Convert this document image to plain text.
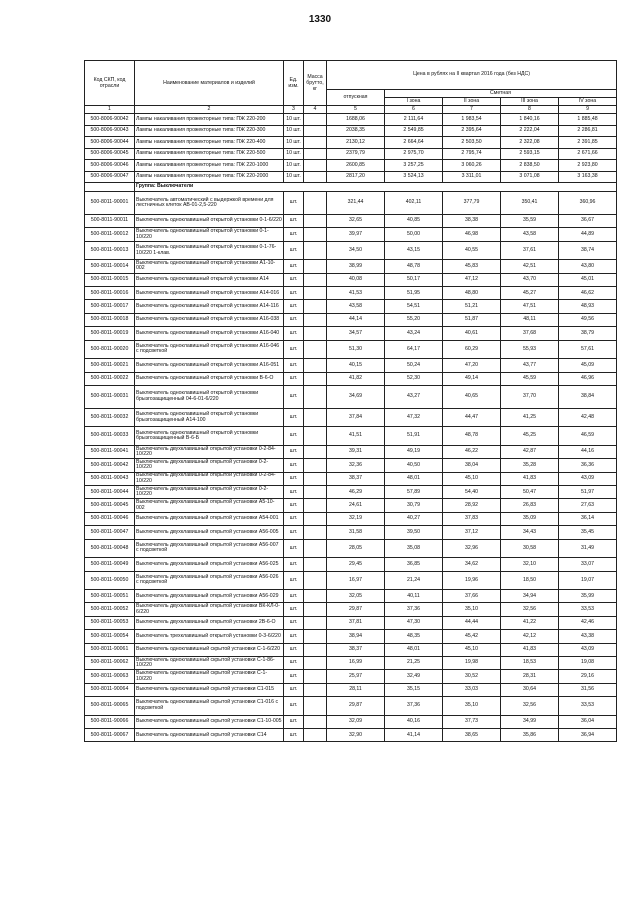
1330
Код СКП, код отрасли	Наименование материалов и изделий	Ед. изм.	Масса брутто, кг	Цена в рублях на II квартал 2016 года (без НДС)				
				отпускная	Сметная			
					I зона	II зона	III зона	IV зона
1	2	3	4	5	6	7	8	9
500-8006-90042	Лампы накаливания прожекторные типа: ПЖ 220-200	10 шт.		1688,06	2 111,64	1 983,54	1 840,16	1 885,48
500-8006-90043	Лампы накаливания прожекторные типа: ПЖ 220-300	10 шт.		2038,35	2 549,85	2 395,64	2 222,04	2 286,81
500-8006-90044	Лампы накаливания прожекторные типа: ПЖ 220-400	10 шт.		2130,12	2 664,64	2 503,50	2 322,08	2 391,85
500-8006-90045	Лампы накаливания прожекторные типа: ПЖ 220-500	10 шт.		2379,79	2 975,70	2 795,74	2 593,15	2 671,66
500-8006-90046	Лампы накаливания прожекторные типа: ПЖ 220-1000	10 шт.		2600,85	3 257,25	3 060,26	2 838,50	2 923,80
500-8006-90047	Лампы накаливания прожекторные типа: ПЖ 220-2000	10 шт.		2817,20	3 524,13	3 311,01	3 071,08	3 163,38
	Группа: Выключатели							
500-8011-90001	Выключатель автоматический с выдержкой времени для лестничных клеток АВ-01-2,5-220	шт.		321,44	402,11	377,79	350,41	360,96
500-8011-90011	Выключатель одноклавишный открытой установки 0-1-6/220	шт.		32,65	40,85	38,38	35,59	36,67
500-8011-90012	Выключатель одноклавишный открытой установки 0-1-10/220	шт.		39,97	50,00	46,98	43,58	44,89
500-8011-90013	Выключатель одноклавишный открытой установки 0-1-76-10/220 1-клав.	шт.		34,50	43,15	40,55	37,61	38,74
500-8011-90014	Выключатель одноклавишный открытой установки А1-10-002	шт.		38,99	48,78	45,83	42,51	43,80
500-8011-90015	Выключатель одноклавишный открытой установки А14	шт.		40,08	50,17	47,12	43,70	45,01
500-8011-90016	Выключатель одноклавишный открытой установки А14-016	шт.		41,53	51,95	48,80	45,27	46,62
500-8011-90017	Выключатель одноклавишный открытой установки А14-116	шт.		43,58	54,51	51,21	47,51	48,93
500-8011-90018	Выключатель одноклавишный открытой установки А16-038	шт.		44,14	55,20	51,87	48,11	49,56
500-8011-90019	Выключатель одноклавишный открытой установки А16-040	шт.		34,57	43,24	40,61	37,68	38,79
500-8011-90020	Выключатель одноклавишный открытой установки А16-046 с подсветкой	шт.		51,30	64,17	60,29	55,93	57,61
500-8011-90021	Выключатель одноклавишный открытой установки А16-051	шт.		40,15	50,24	47,20	43,77	45,09
500-8011-90022	Выключатель одноклавишный открытой установки В-6-О	шт.		41,82	52,30	49,14	45,59	46,96
500-8011-90031	Выключатель одноклавишный открытой установки брызгозащищенный 04-6-01-6/220	шт.		34,69	43,27	40,65	37,70	38,84
500-8011-90032	Выключатель одноклавишный открытой установки брызгозащищенный А14-100	шт.		37,84	47,32	44,47	41,25	42,48
500-8011-90033	Выключатель одноклавишный открытой установки брызгозащищенный В-6-Б	шт.		41,51	51,91	48,78	45,25	46,59
500-8011-90041	Выключатель двухклавишный открытой установки 0-2-84-10/220	шт.		39,31	49,19	46,22	42,87	44,16
500-8011-90042	Выключатель двухклавишный открытой установки 0-2-10/220	шт.		32,36	40,50	38,04	35,28	36,36
500-8011-90043	Выключатель двухклавишный открытой установки 0-2-84-10/220	шт.		38,37	48,01	45,10	41,83	43,09
500-8011-90044	Выключатель двухклавишный открытой установки 0-2-10/220	шт.		46,29	57,89	54,40	50,47	51,97
500-8011-90045	Выключатель двухклавишный открытой установки А5-10-002	шт.		24,61	30,79	28,92	26,83	27,63
500-8011-90046	Выключатель двухклавишный открытой установки А54-001	шт.		32,19	40,27	37,83	35,09	36,14
500-8011-90047	Выключатель двухклавишный открытой установки А56-005	шт.		31,58	39,50	37,12	34,43	35,45
500-8011-90048	Выключатель двухклавишный открытой установки А56-007 с подсветкой	шт.		28,05	35,08	32,96	30,58	31,49
500-8011-90049	Выключатель двухклавишный открытой установки А56-025	шт.		29,45	36,85	34,62	32,10	33,07
500-8011-90050	Выключатель двухклавишный открытой установки А56-026 с подсветкой	шт.		16,97	21,24	19,96	18,50	19,07
500-8011-90051	Выключатель двухклавишный открытой установки А56-029	шт.		32,05	40,11	37,66	34,94	35,99
500-8011-90052	Выключатель двухклавишный открытой установки ВК-КЛ-0-6/220	шт.		29,87	37,36	35,10	32,56	33,53
500-8011-90053	Выключатель двухклавишный открытой установки 2В-6-О	шт.		37,81	47,30	44,44	41,22	42,46
500-8011-90054	Выключатель трехклавишный открытой установки 0-3-6/220	шт.		38,94	48,35	45,42	42,12	43,38
500-8011-90061	Выключатель одноклавишный скрытой установки С-1-6/220	шт.		38,37	48,01	45,10	41,83	43,09
500-8011-90062	Выключатель одноклавишный скрытой установки С-1-86-10/220	шт.		16,99	21,25	19,98	18,53	19,08
500-8011-90063	Выключатель одноклавишный скрытой установки С-1-10/220	шт.		25,97	32,49	30,52	28,31	29,16
500-8011-90064	Выключатель одноклавишный скрытой установки С1-015	шт.		28,11	35,15	33,03	30,64	31,56
500-8011-90065	Выключатель одноклавишный скрытой установки С1-016 с подсветкой	шт.		29,87	37,36	35,10	32,56	33,53
500-8011-90066	Выключатель одноклавишный скрытой установки С1-10-005	шт.		32,09	40,16	37,73	34,99	36,04
500-8011-90067	Выключатель одноклавишный скрытой установки С14	шт.		32,90	41,14	38,65	35,86	36,94
